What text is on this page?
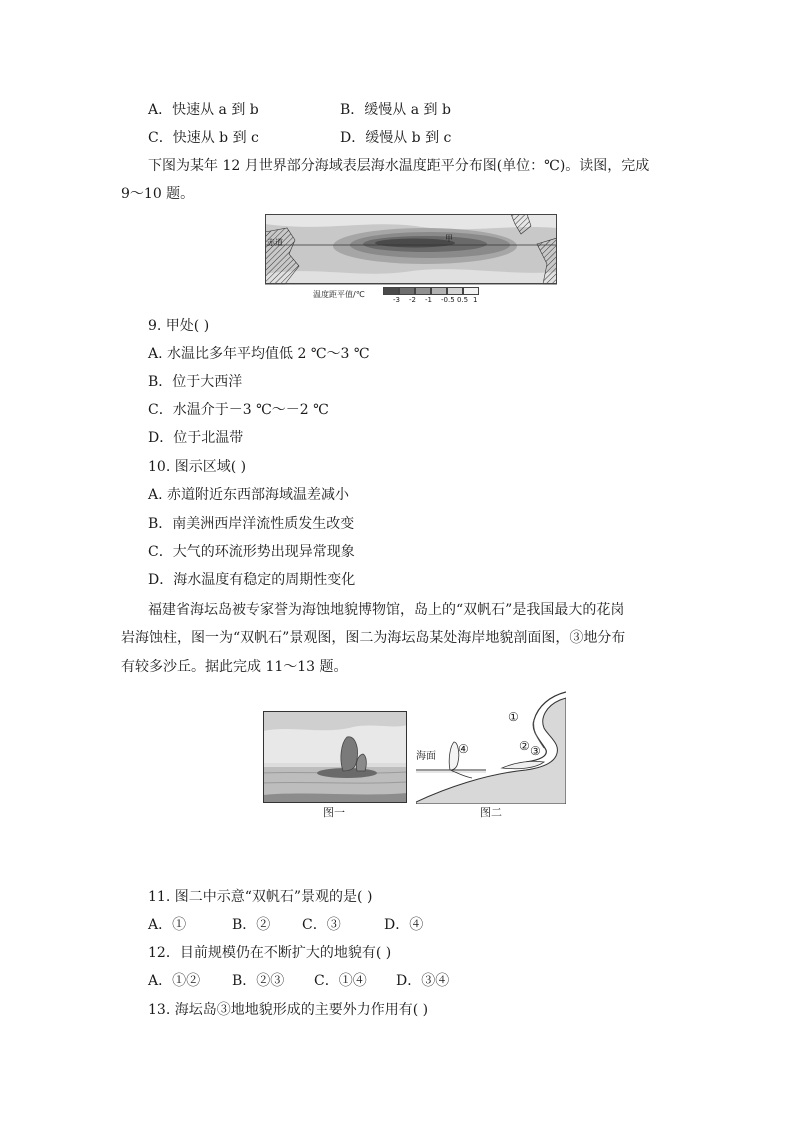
A．快速从 a 到 b	B．缓慢从 a 到 b
C．快速从 b 到 c	D．缓慢从 b 到 c
下图为某年 12 月世界部分海域表层海水温度距平分布图(单位：℃)。读图，完成
9～10 题。
赤道	甲
温度距平值/℃
-3 -2 -1 -0.5 0.5 1
9. 甲处( )
A. 水温比多年平均值低 2 ℃～3 ℃
B．位于大西洋
C．水温介于－3 ℃～－2 ℃
D．位于北温带
10. 图示区域( )
A. 赤道附近东西部海域温差减小
B．南美洲西岸洋流性质发生改变
C．大气的环流形势出现异常现象
D．海水温度有稳定的周期性变化
福建省海坛岛被专家誉为海蚀地貌博物馆，岛上的“双帆石”是我国最大的花岗
岩海蚀柱，图一为“双帆石”景观图，图二为海坛岛某处海岸地貌剖面图，③地分布
有较多沙丘。据此完成 11～13 题。
图一
海面
①
② ③
④
图二
11. 图二中示意“双帆石”景观的是( )
A．①	B．② C．③	D．④
12．目前规模仍在不断扩大的地貌有( )
A．①② B．②③ C．①④ D．③④
13. 海坛岛③地地貌形成的主要外力作用有( )
